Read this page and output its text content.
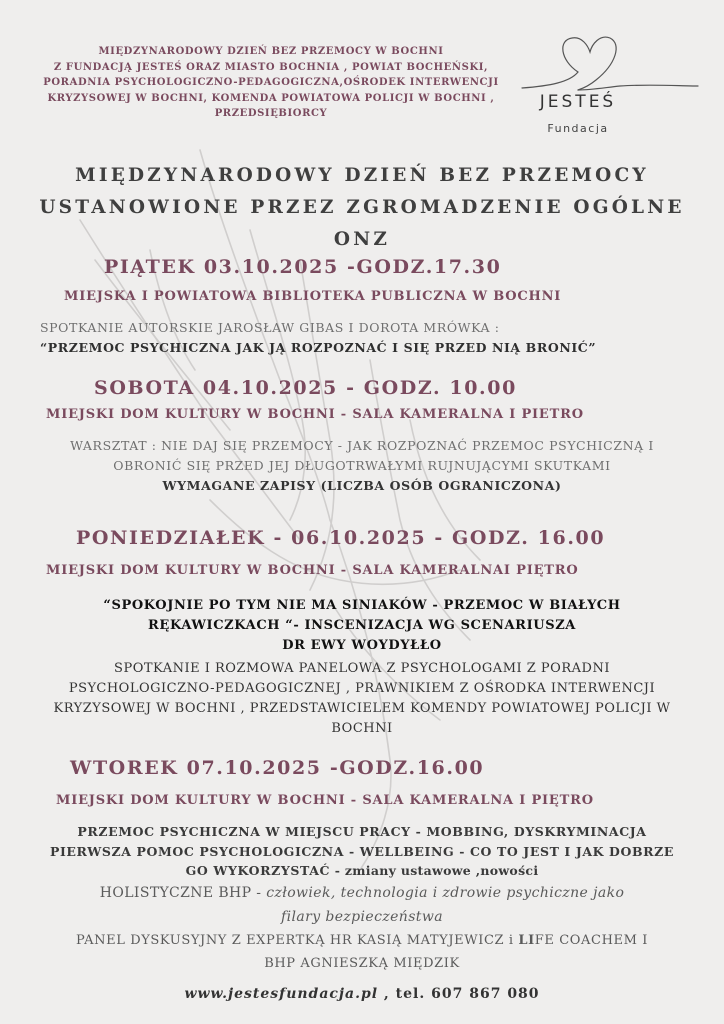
MIĘDZYNARODOWY DZIEŃ BEZ PRZEMOCY W BOCHNI
Z FUNDACJĄ JESTEŚ ORAZ MIASTO BOCHNIA , POWIAT BOCHEŃSKI,
PORADNIA PSYCHOLOGICZNO-PEDAGOGICZNA,OŚRODEK INTERWENCJI
KRYZYSOWEJ W BOCHNI, KOMENDA POWIATOWA POLICJI W BOCHNI ,
PRZEDSIĘBIORCY
JESTEŚ
Fundacja
MIĘDZYNARODOWY DZIEŃ BEZ PRZEMOCY
USTANOWIONE PRZEZ ZGROMADZENIE OGÓLNE
ONZ
PIĄTEK 03.10.2025 -GODZ.17.30
MIEJSKA I POWIATOWA BIBLIOTEKA PUBLICZNA W BOCHNI
SPOTKANIE AUTORSKIE JAROSŁAW GIBAS I DOROTA MRÓWKA :
“PRZEMOC PSYCHICZNA JAK JĄ ROZPOZNAĆ I SIĘ PRZED NIĄ BRONIĆ”
SOBOTA 04.10.2025 - GODZ. 10.00
MIEJSKI DOM KULTURY W BOCHNI - SALA KAMERALNA I PIETRO
WARSZTAT : NIE DAJ SIĘ PRZEMOCY - JAK ROZPOZNAĆ PRZEMOC PSYCHICZNĄ I
OBRONIĆ SIĘ PRZED JEJ DŁUGOTRWAŁYMI RUJNUJĄCYMI SKUTKAMI
WYMAGANE ZAPISY (LICZBA OSÓB OGRANICZONA)
PONIEDZIAŁEK - 06.10.2025 - GODZ. 16.00
MIEJSKI DOM KULTURY W BOCHNI - SALA KAMERALNAI PIĘTRO
“SPOKOJNIE PO TYM NIE MA SINIAKÓW - PRZEMOC W BIAŁYCH
RĘKAWICZKACH “- INSCENIZACJA WG SCENARIUSZA
DR EWY WOYDYŁŁO
SPOTKANIE I ROZMOWA PANELOWA Z PSYCHOLOGAMI Z PORADNI
PSYCHOLOGICZNO-PEDAGOGICZNEJ , PRAWNIKIEM Z OŚRODKA INTERWENCJI
KRYZYSOWEJ W BOCHNI , PRZEDSTAWICIELEM KOMENDY POWIATOWEJ POLICJI W
BOCHNI
WTOREK 07.10.2025 -GODZ.16.00
MIEJSKI DOM KULTURY W BOCHNI - SALA KAMERALNA I PIĘTRO
PRZEMOC PSYCHICZNA W MIEJSCU PRACY - MOBBING, DYSKRYMINACJA
PIERWSZA POMOC PSYCHOLOGICZNA - WELLBEING - CO TO JEST I JAK DOBRZE
GO WYKORZYSTAĆ - zmiany ustawowe ,nowości
HOLISTYCZNE BHP - człowiek, technologia i zdrowie psychiczne jako
filary bezpieczeństwa
PANEL DYSKUSYJNY Z EXPERTKĄ HR KASIĄ MATYJEWICZ i LIFE COACHEM I
BHP AGNIESZKĄ MIĘDZIK
www.jestesfundacja.pl , tel. 607 867 080
